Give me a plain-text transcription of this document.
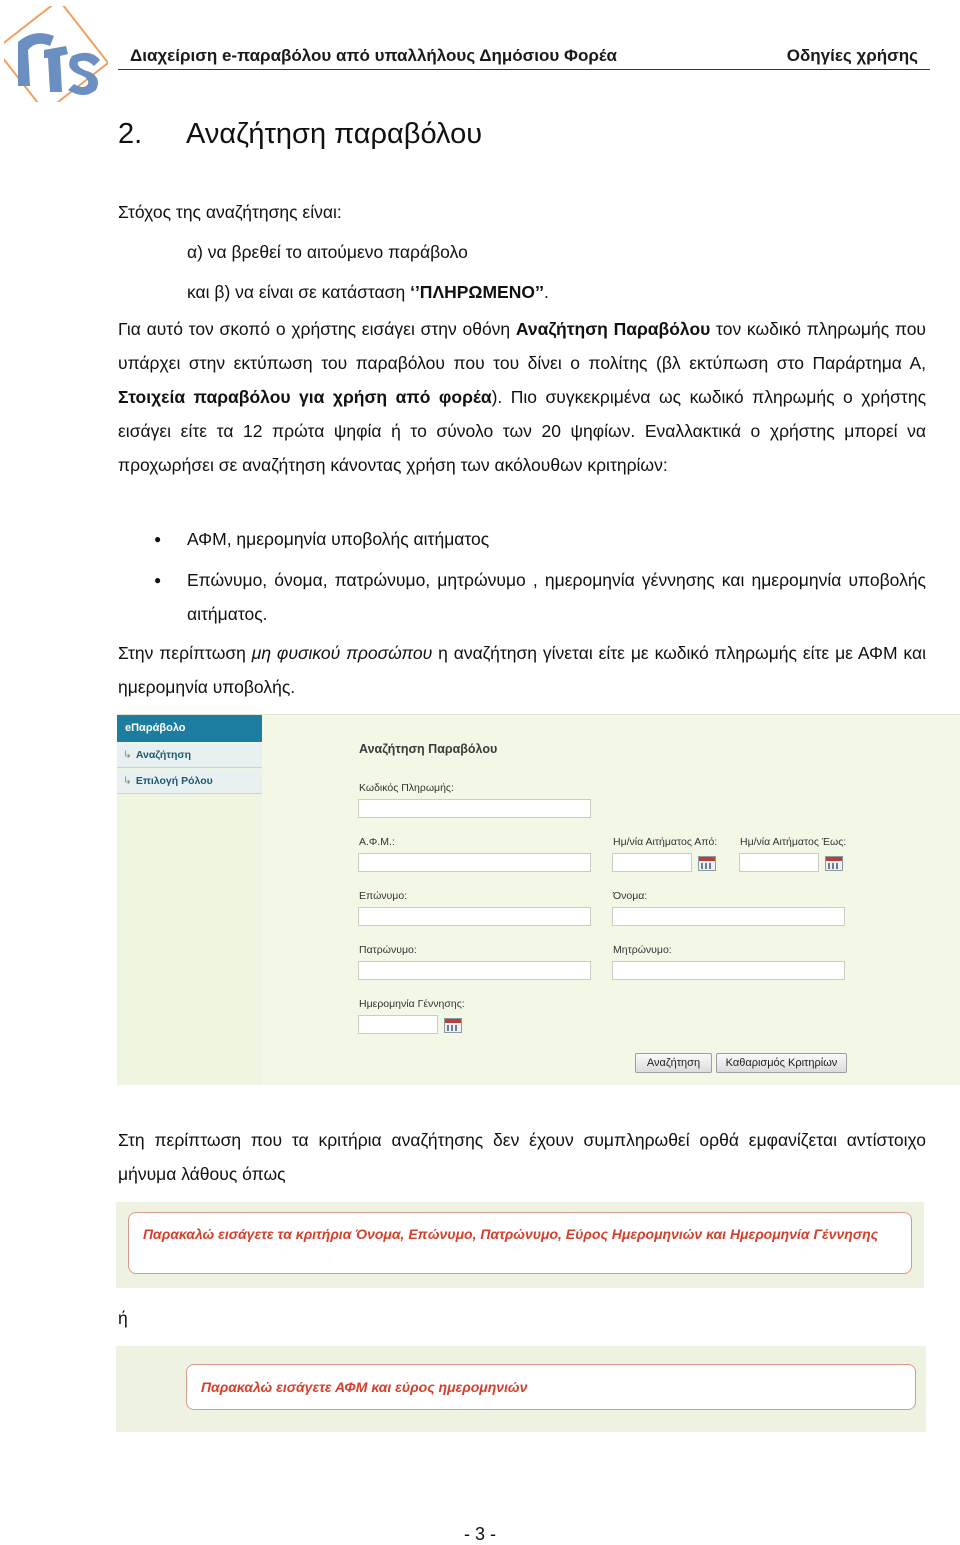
Διαχείριση e-παραβόλου από υπαλλήλους Δημόσιου Φορέα	Οδηγίες χρήσης
2. Αναζήτηση παραβόλου
Στόχος της αναζήτησης είναι:
α) να βρεθεί το αιτούμενο παράβολο
και β) να είναι σε κατάσταση ‘’ΠΛΗΡΩΜΕΝΟ’’.
Για αυτό τον σκοπό ο χρήστης εισάγει στην οθόνη Αναζήτηση Παραβόλου τον κωδικό πληρωμής που υπάρχει στην εκτύπωση του παραβόλου που του δίνει ο πολίτης (βλ εκτύπωση στο Παράρτημα Α, Στοιχεία παραβόλου για χρήση από φορέα). Πιο συγκεκριμένα ως κωδικό πληρωμής ο χρήστης εισάγει είτε τα 12 πρώτα ψηφία ή το σύνολο των 20 ψηφίων. Εναλλακτικά ο χρήστης μπορεί να προχωρήσει σε αναζήτηση κάνοντας χρήση των ακόλουθων κριτηρίων:
● ΑΦΜ, ημερομηνία υποβολής αιτήματος
● Επώνυμο, όνομα, πατρώνυμο, μητρώνυμο , ημερομηνία γέννησης και ημερομηνία υποβολής αιτήματος.
Στην περίπτωση μη φυσικού προσώπου η αναζήτηση γίνεται είτε με κωδικό πληρωμής είτε με ΑΦΜ και ημερομηνία υποβολής.
eΠαράβολο
↳ Αναζήτηση
↳ Επιλογή Ρόλου
Αναζήτηση Παραβόλου
Κωδικός Πληρωμής:
Α.Φ.Μ.:	Ημ/νία Αιτήματος Από: Ημ/νία Αιτήματος Έως:
Επώνυμο:	Όνομα:
Πατρώνυμο:	Μητρώνυμο:
Ημερομηνία Γέννησης:
Αναζήτηση	Καθαρισμός Κριτηρίων
Στη περίπτωση που τα κριτήρια αναζήτησης δεν έχουν συμπληρωθεί ορθά εμφανίζεται αντίστοιχο μήνυμα λάθους όπως
Παρακαλώ εισάγετε τα κριτήρια Όνομα, Επώνυμο, Πατρώνυμο, Εύρος Ημερομηνιών και Ημερομηνία Γέννησης
ή
Παρακαλώ εισάγετε ΑΦΜ και εύρος ημερομηνιών
- 3 -
